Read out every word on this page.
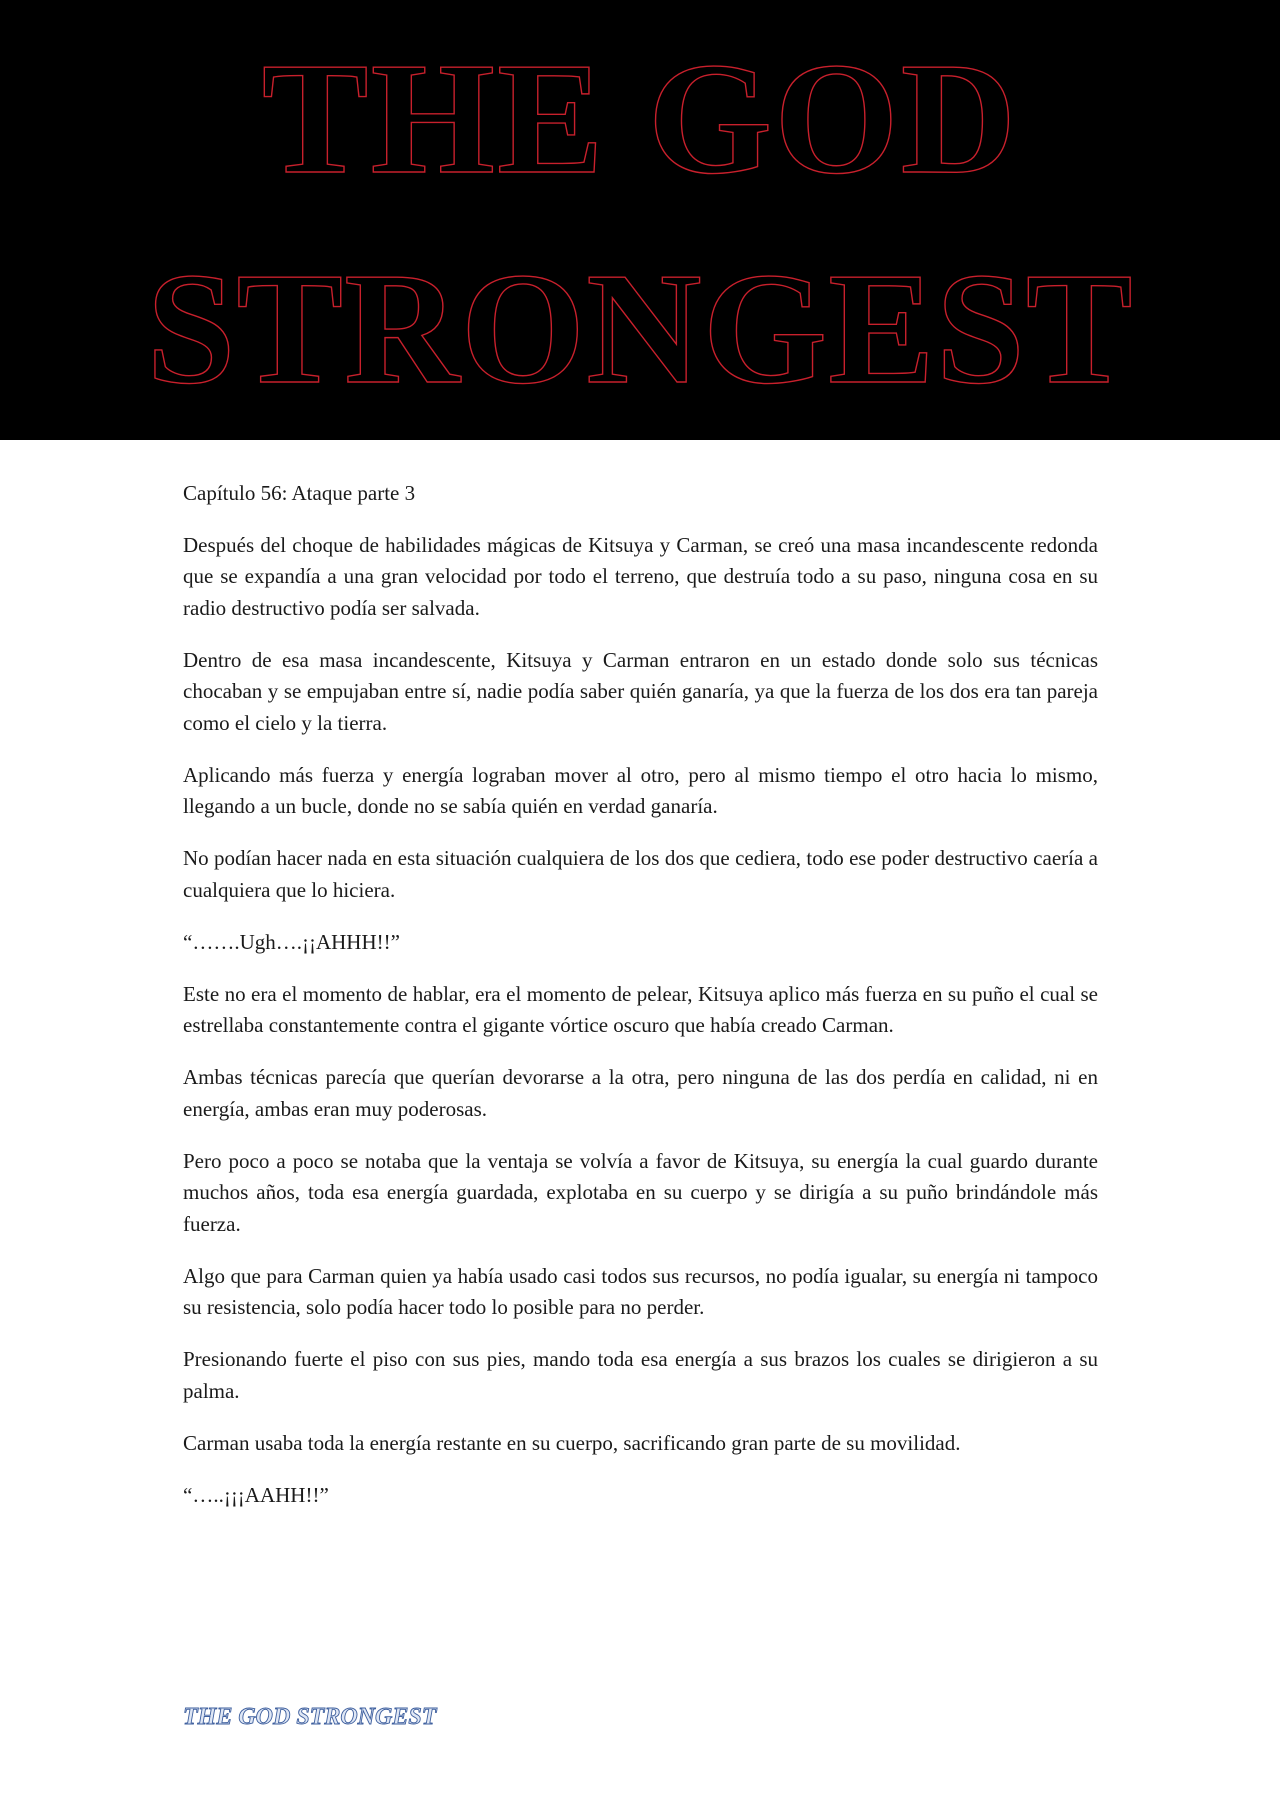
THE GOD
STRONGEST

Capítulo 56: Ataque parte 3

Después del choque de habilidades mágicas de Kitsuya y Carman, se creó una masa incandescente redonda que se expandía a una gran velocidad por todo el terreno, que destruía todo a su paso, ninguna cosa en su radio destructivo podía ser salvada.

Dentro de esa masa incandescente, Kitsuya y Carman entraron en un estado donde solo sus técnicas chocaban y se empujaban entre sí, nadie podía saber quién ganaría, ya que la fuerza de los dos era tan pareja como el cielo y la tierra.

Aplicando más fuerza y energía lograban mover al otro, pero al mismo tiempo el otro hacia lo mismo, llegando a un bucle, donde no se sabía quién en verdad ganaría.

No podían hacer nada en esta situación cualquiera de los dos que cediera, todo ese poder destructivo caería a cualquiera que lo hiciera.

“…….Ugh….¡¡AHHH!!”

Este no era el momento de hablar, era el momento de pelear, Kitsuya aplico más fuerza en su puño el cual se estrellaba constantemente contra el gigante vórtice oscuro que había creado Carman.

Ambas técnicas parecía que querían devorarse a la otra, pero ninguna de las dos perdía en calidad, ni en energía, ambas eran muy poderosas.

Pero poco a poco se notaba que la ventaja se volvía a favor de Kitsuya, su energía la cual guardo durante muchos años, toda esa energía guardada, explotaba en su cuerpo y se dirigía a su puño brindándole más fuerza.

Algo que para Carman quien ya había usado casi todos sus recursos, no podía igualar, su energía ni tampoco su resistencia, solo podía hacer todo lo posible para no perder.

Presionando fuerte el piso con sus pies, mando toda esa energía a sus brazos los cuales se dirigieron a su palma.

Carman usaba toda la energía restante en su cuerpo, sacrificando gran parte de su movilidad.

“…..¡¡¡AAHH!!”

THE GOD STRONGEST
